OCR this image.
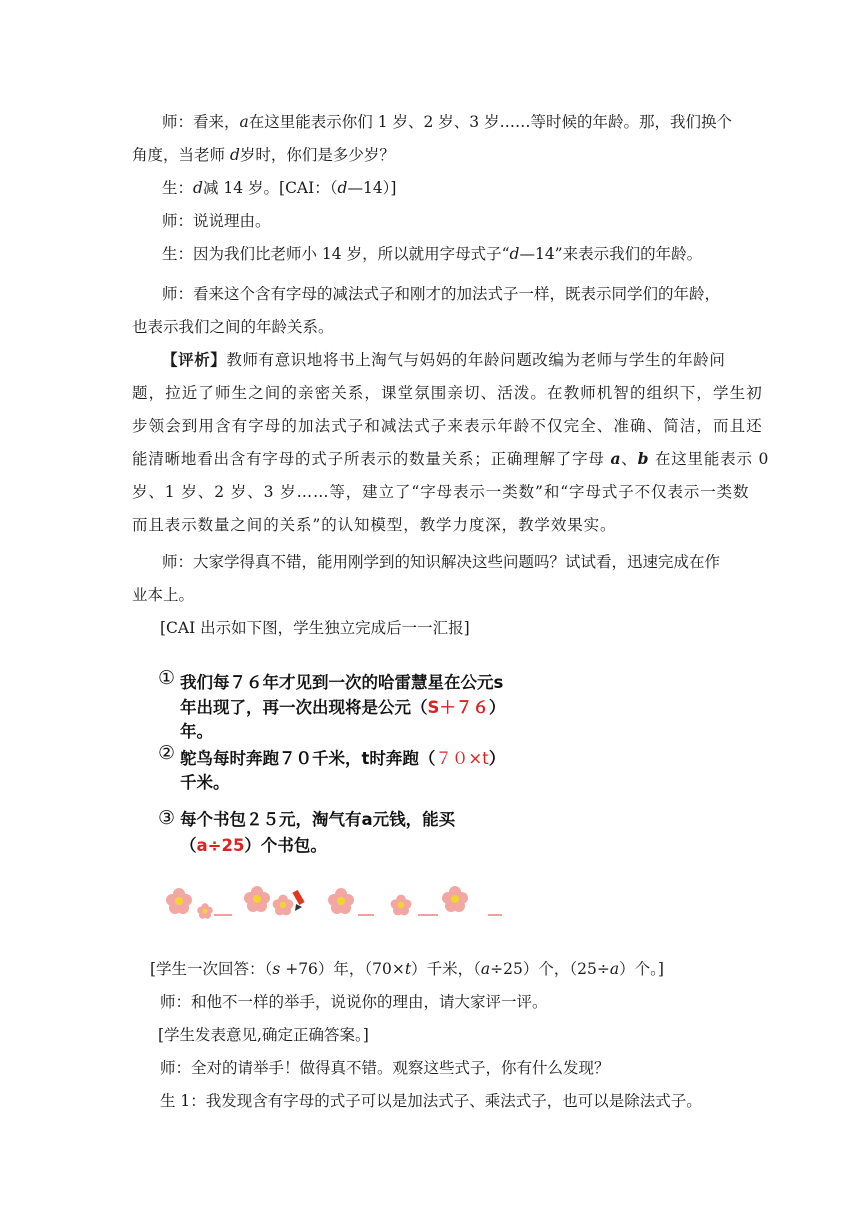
师：看来，a在这里能表示你们 1 岁、2 岁、3 岁……等时候的年龄。那，我们换个
角度，当老师 d岁时，你们是多少岁？
生：d减 14 岁。[CAI：（d—14）]
师：说说理由。
生：因为我们比老师小 14 岁，所以就用字母式子“d—14”来表示我们的年龄。
师：看来这个含有字母的减法式子和刚才的加法式子一样，既表示同学们的年龄，
也表示我们之间的年龄关系。
【评析】教师有意识地将书上淘气与妈妈的年龄问题改编为老师与学生的年龄问
题，拉近了师生之间的亲密关系，课堂氛围亲切、活泼。在教师机智的组织下，学生初
步领会到用含有字母的加法式子和减法式子来表示年龄不仅完全、准确、简洁，而且还
能清晰地看出含有字母的式子所表示的数量关系；正确理解了字母 a、b 在这里能表示 0
岁、1 岁、2 岁、3 岁……等，建立了“字母表示一类数”和“字母式子不仅表示一类数
而且表示数量之间的关系”的认知模型，教学力度深，教学效果实。
师：大家学得真不错，能用刚学到的知识解决这些问题吗？试试看，迅速完成在作
业本上。
[CAI 出示如下图，学生独立完成后一一汇报]
① 我们每７６年才见到一次的哈雷慧星在公元s
年出现了，再一次出现将是公元（S＋７６）
年。
② 鸵鸟每时奔跑７０千米，t时奔跑（７０×t）
千米。
③ 每个书包２５元，淘气有a元钱，能买
（a÷25）个书包。
[学生一次回答：（s +76）年，（70×t）千米，（a÷25）个，（25÷a）个。]
师：和他不一样的举手，说说你的理由，请大家评一评。
[学生发表意见,确定正确答案。]
师：全对的请举手！做得真不错。观察这些式子，你有什么发现？
生 1：我发现含有字母的式子可以是加法式子、乘法式子，也可以是除法式子。
